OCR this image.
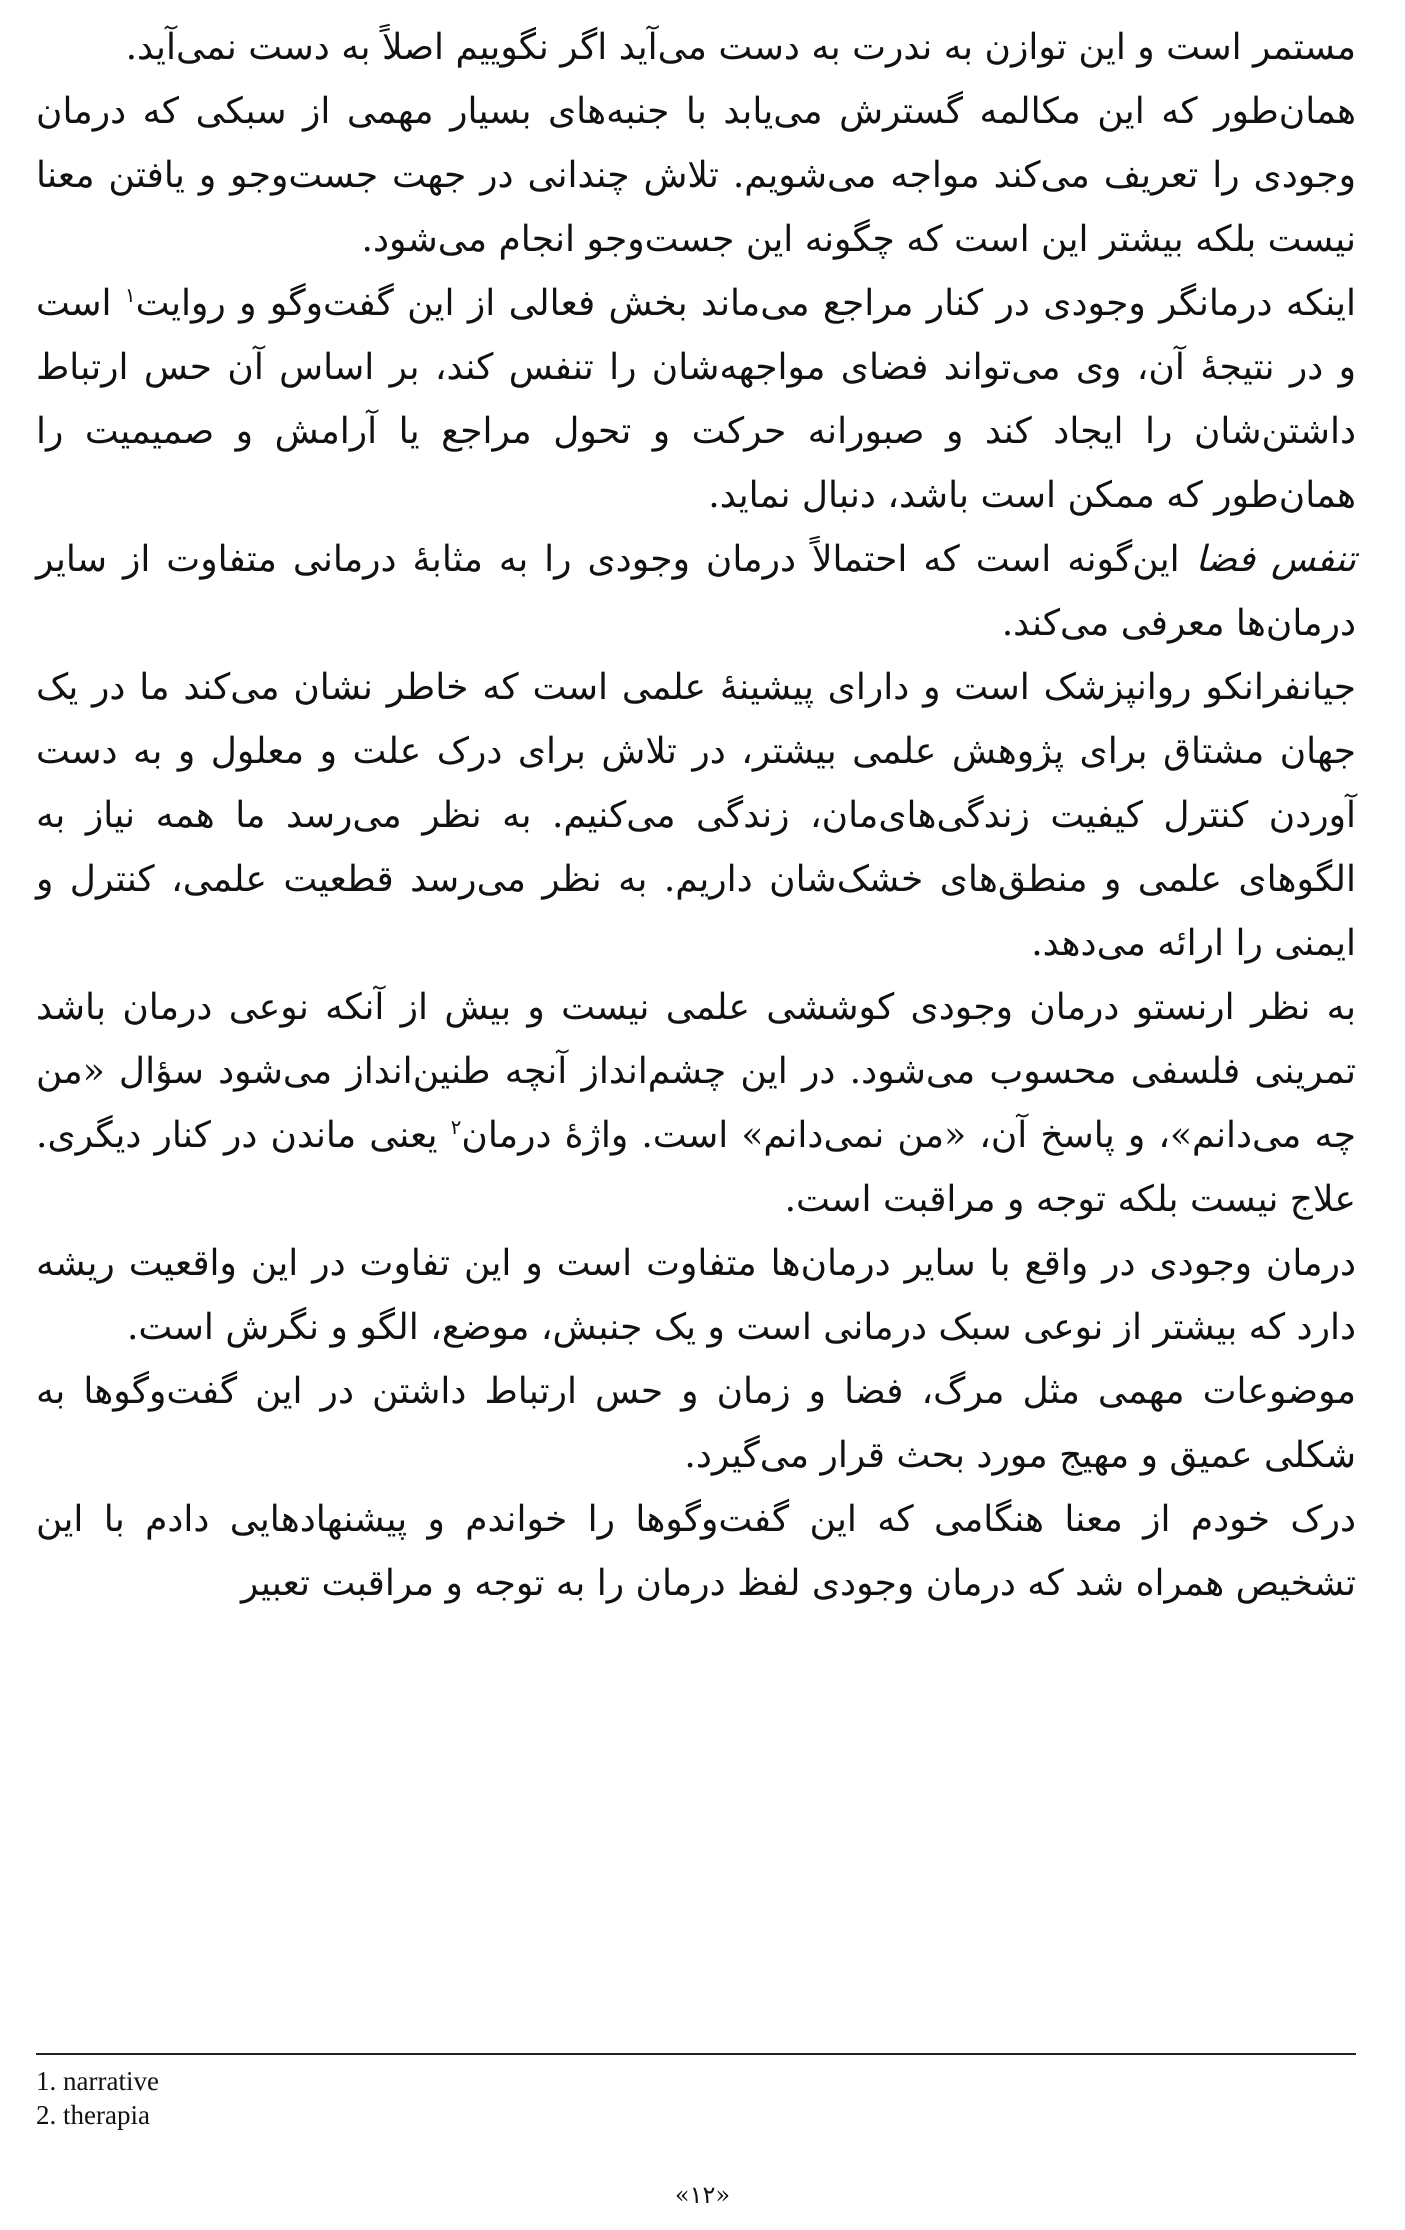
مستمر است و این توازن به ندرت به دست می‌آید اگر نگوییم اصلاً به دست نمی‌آید.

همان‌طور که این مکالمه گسترش می‌یابد با جنبه‌های بسیار مهمی از سبکی که درمان وجودی را تعریف می‌کند مواجه می‌شویم. تلاش چندانی در جهت جست‌وجو و یافتن معنا نیست بلکه بیشتر این است که چگونه این جست‌وجو انجام می‌شود.

اینکه درمانگر وجودی در کنار مراجع می‌ماند بخش فعالی از این گفت‌وگو و روایت$^۱$ است و در نتیجهٔ آن، وی می‌تواند فضای مواجهه‌شان را تنفس کند، بر اساس آن حس ارتباط داشتن‌شان را ایجاد کند و صبورانه حرکت و تحول مراجع یا آرامش و صمیمیت را همان‌طور که ممکن است باشد، دنبال نماید.

تنفس فضا این‌گونه است که احتمالاً درمان وجودی را به مثابهٔ درمانی متفاوت از سایر درمان‌ها معرفی می‌کند.

جیانفرانکو روانپزشک است و دارای پیشینهٔ علمی است که خاطر نشان می‌کند ما در یک جهان مشتاق برای پژوهش علمی بیشتر، در تلاش برای درک علت و معلول و به دست آوردن کنترل کیفیت زندگی‌های‌مان، زندگی می‌کنیم. به نظر می‌رسد ما همه نیاز به الگوهای علمی و منطق‌های خشک‌شان داریم. به نظر می‌رسد قطعیت علمی، کنترل و ایمنی را ارائه می‌دهد.

به نظر ارنستو درمان وجودی کوششی علمی نیست و بیش از آنکه نوعی درمان باشد تمرینی فلسفی محسوب می‌شود. در این چشم‌انداز آنچه طنین‌انداز می‌شود سؤال «من چه می‌دانم»، و پاسخ آن، «من نمی‌دانم» است. واژهٔ درمان$^۲$ یعنی ماندن در کنار دیگری. علاج نیست بلکه توجه و مراقبت است.

درمان وجودی در واقع با سایر درمان‌ها متفاوت است و این تفاوت در این واقعیت ریشه دارد که بیشتر از نوعی سبک درمانی است و یک جنبش، موضع، الگو و نگرش است.

موضوعات مهمی مثل مرگ، فضا و زمان و حس ارتباط داشتن در این گفت‌وگوها به شکلی عمیق و مهیج مورد بحث قرار می‌گیرد.

درک خودم از معنا هنگامی که این گفت‌وگوها را خواندم و پیشنهادهایی دادم با این تشخیص همراه شد که درمان وجودی لفظ درمان را به توجه و مراقبت تعبیر

1. narrative

2. therapia

«۱۲»
